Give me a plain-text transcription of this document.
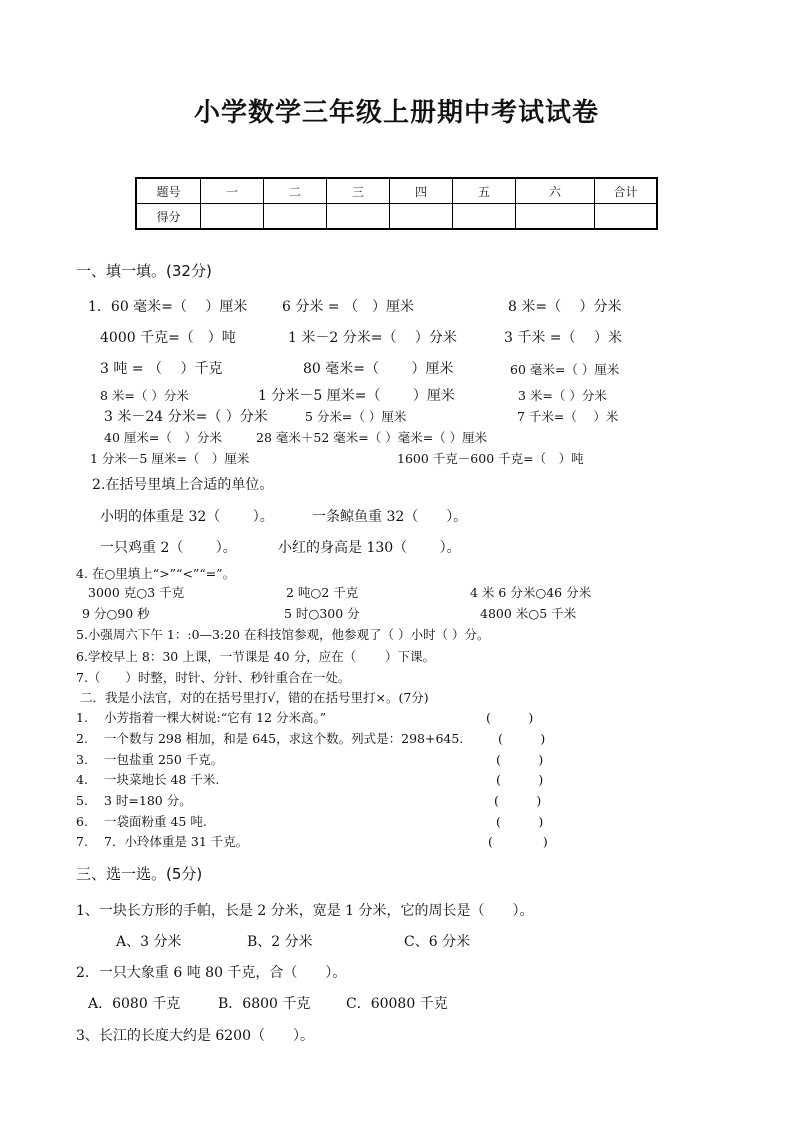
小学数学三年级上册期中考试试卷
题号	一	二	三	四	五	六	合计
得分							
一、填一填。(32分)
1．60 毫米=（　 ）厘米 6 分米 = （　）厘米	8 米=（　 ）分米
4000 千克=（　）吨	1 米－2 分米=（　 ）分米	3 千米 =（　 ）米
3 吨 = （　 ）千克	80 毫米=（　　 ）厘米	60 毫米=（ ）厘米
8 米=（ ）分米	1 分米－5 厘米=（　　 ）厘米	3 米=（ ）分米
3 米－24 分米=（ ）分米	5 分米=（ ）厘米	7 千米=（　 ）米
40 厘米=（　）分米	28 毫米＋52 毫米=（ ）毫米=（ ）厘米
1 分米－5 厘米=（　）厘米	1600 千克－600 千克=（　）吨
2.在括号里填上合适的单位。
小明的体重是 32（　　 ）。	一条鲸鱼重 32（　　）。
一只鸡重 2（　　 ）。	小红的身高是 130（　　 ）。
4. 在○里填上“>”“<”“=”。
3000 克○3 千克	2 吨○2 千克	4 米 6 分米○46 分米
9 分○90 秒	5 时○300 分	4800 米○5 千米
5.小强周六下午 1：:0—3:20 在科技馆参观，他参观了（ ）小时（ ）分。
6.学校早上 8：30 上课，一节课是 40 分，应在（　　 ）下课。
7.（　　）时整，时针、分针、秒针重合在一处。
二．我是小法官，对的在括号里打√，错的在括号里打×。(7分)
1. 小芳指着一棵大树说:“它有 12 分米高。”	(　　　)
2. 一个数与 298 相加，和是 645，求这个数。列式是：298+645.	(　　　)
3. 一包盐重 250 千克。	(　　　)
4. 一块菜地长 48 千米.	(　　　)
5. 3 时=180 分。	(　　　)
6. 一袋面粉重 45 吨.	(　　　)
7. 7．小玲体重是 31 千克。	(　　　　)
三、选一选。(5分)
1、一块长方形的手帕，长是 2 分米，宽是 1 分米，它的周长是（　　）。
A、3 分米	B、2 分米	C、6 分米
2．一只大象重 6 吨 80 千克，合（　　）。
A．6080 千克	B．6800 千克	C．60080 千克
3、长江的长度大约是 6200（　　）。
